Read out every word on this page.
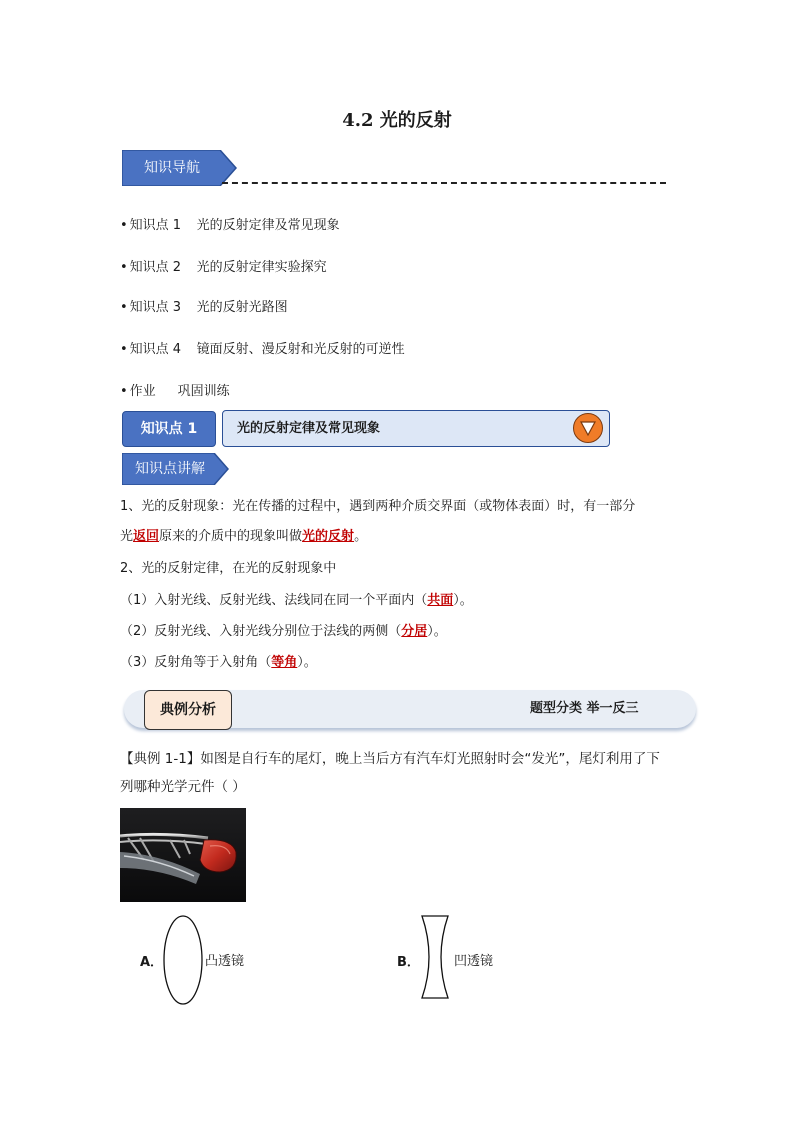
4.2 光的反射
知识导航
• 知识点 1 光的反射定律及常见现象
• 知识点 2 光的反射定律实验探究
• 知识点 3 光的反射光路图
• 知识点 4 镜面反射、漫反射和光反射的可逆性
• 作业 巩固训练
知识点 1	光的反射定律及常见现象
知识点讲解
1、光的反射现象：光在传播的过程中，遇到两种介质交界面（或物体表面）时，有一部分
光返回原来的介质中的现象叫做光的反射。
2、光的反射定律，在光的反射现象中
（1）入射光线、反射光线、法线同在同一个平面内（共面）。
（2）反射光线、入射光线分别位于法线的两侧（分居）。
（3）反射角等于入射角（等角）。
典例分析	题型分类 举一反三
【典例 1-1】如图是自行车的尾灯，晚上当后方有汽车灯光照射时会“发光”，尾灯利用了下
列哪种光学元件（ ）
A．	凸透镜	B．	凹透镜
